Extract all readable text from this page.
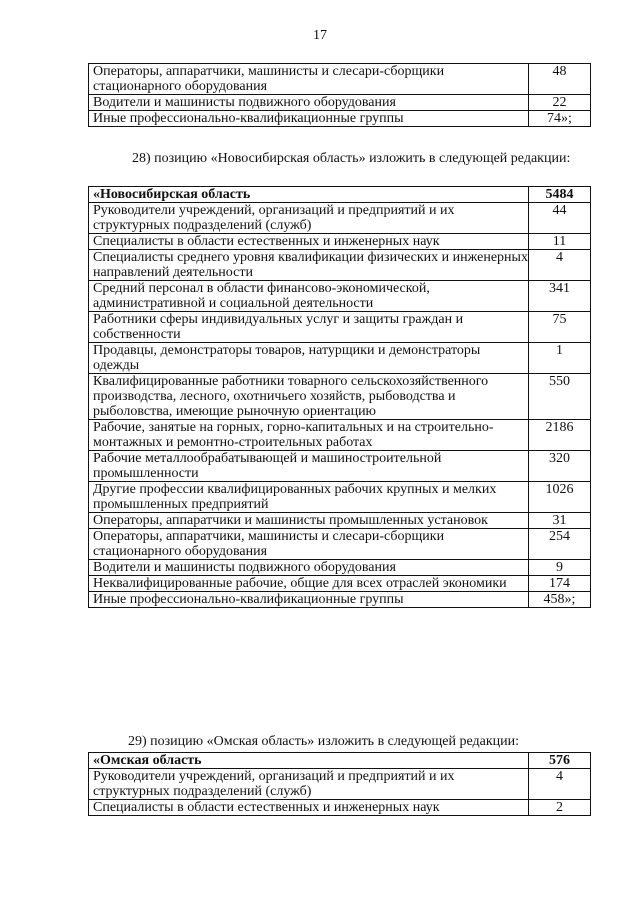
17
Операторы, аппаратчики, машинисты и слесари-сборщики стационарного оборудования	48
Водители и машинисты подвижного оборудования	22
Иные профессионально-квалификационные группы	74»;
28) позицию «Новосибирская область» изложить в следующей редакции:
«Новосибирская область	5484
Руководители учреждений, организаций и предприятий и их структурных подразделений (служб)	44
Специалисты в области естественных и инженерных наук	11
Специалисты среднего уровня квалификации физических и инженерных направлений деятельности	4
Средний персонал в области финансово-экономической, административной и социальной деятельности	341
Работники сферы индивидуальных услуг и защиты граждан и собственности	75
Продавцы, демонстраторы товаров, натурщики и демонстраторы одежды	1
Квалифицированные работники товарного сельскохозяйственного производства, лесного, охотничьего хозяйств, рыбоводства и рыболовства, имеющие рыночную ориентацию	550
Рабочие, занятые на горных, горно-капитальных и на строительно-монтажных и ремонтно-строительных работах	2186
Рабочие металлообрабатывающей и машиностроительной промышленности	320
Другие профессии квалифицированных рабочих крупных и мелких промышленных предприятий	1026
Операторы, аппаратчики и машинисты промышленных установок	31
Операторы, аппаратчики, машинисты и слесари-сборщики стационарного оборудования	254
Водители и машинисты подвижного оборудования	9
Неквалифицированные рабочие, общие для всех отраслей экономики	174
Иные профессионально-квалификационные группы	458»;
29) позицию «Омская область» изложить в следующей редакции:
«Омская область	576
Руководители учреждений, организаций и предприятий и их структурных подразделений (служб)	4
Специалисты в области естественных и инженерных наук	2
